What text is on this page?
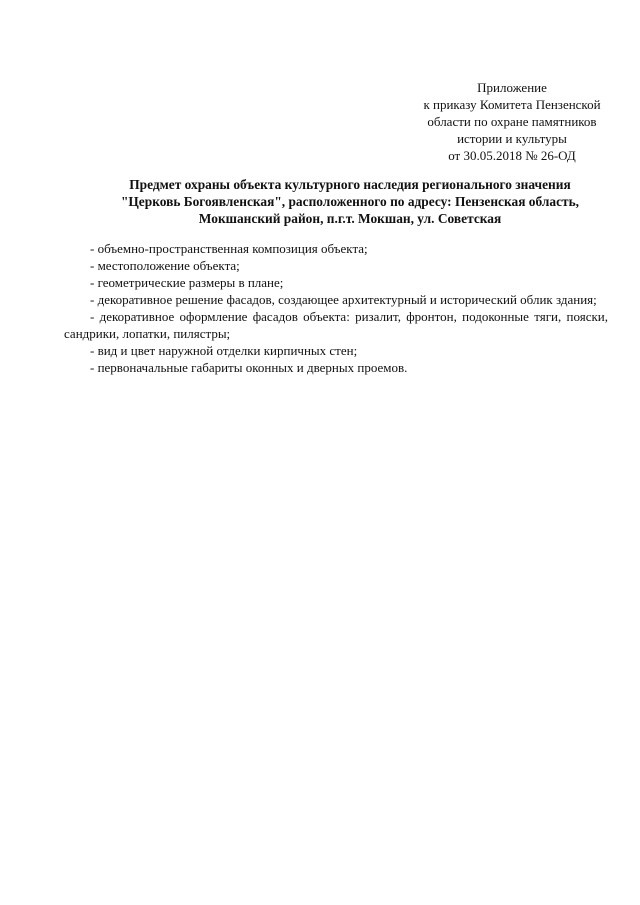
Приложение
к приказу Комитета Пензенской
области по охране памятников
истории и культуры
от 30.05.2018 № 26-ОД
Предмет охраны объекта культурного наследия регионального значения
"Церковь Богоявленская", расположенного по адресу: Пензенская область,
Мокшанский район, п.г.т. Мокшан, ул. Советская
- объемно-пространственная композиция объекта;
- местоположение объекта;
- геометрические размеры в плане;
- декоративное решение фасадов, создающее архитектурный и исторический облик здания;
- декоративное оформление фасадов объекта: ризалит, фронтон, подоконные тяги, пояски, сандрики, лопатки, пилястры;
- вид и цвет наружной отделки кирпичных стен;
- первоначальные габариты оконных и дверных проемов.
